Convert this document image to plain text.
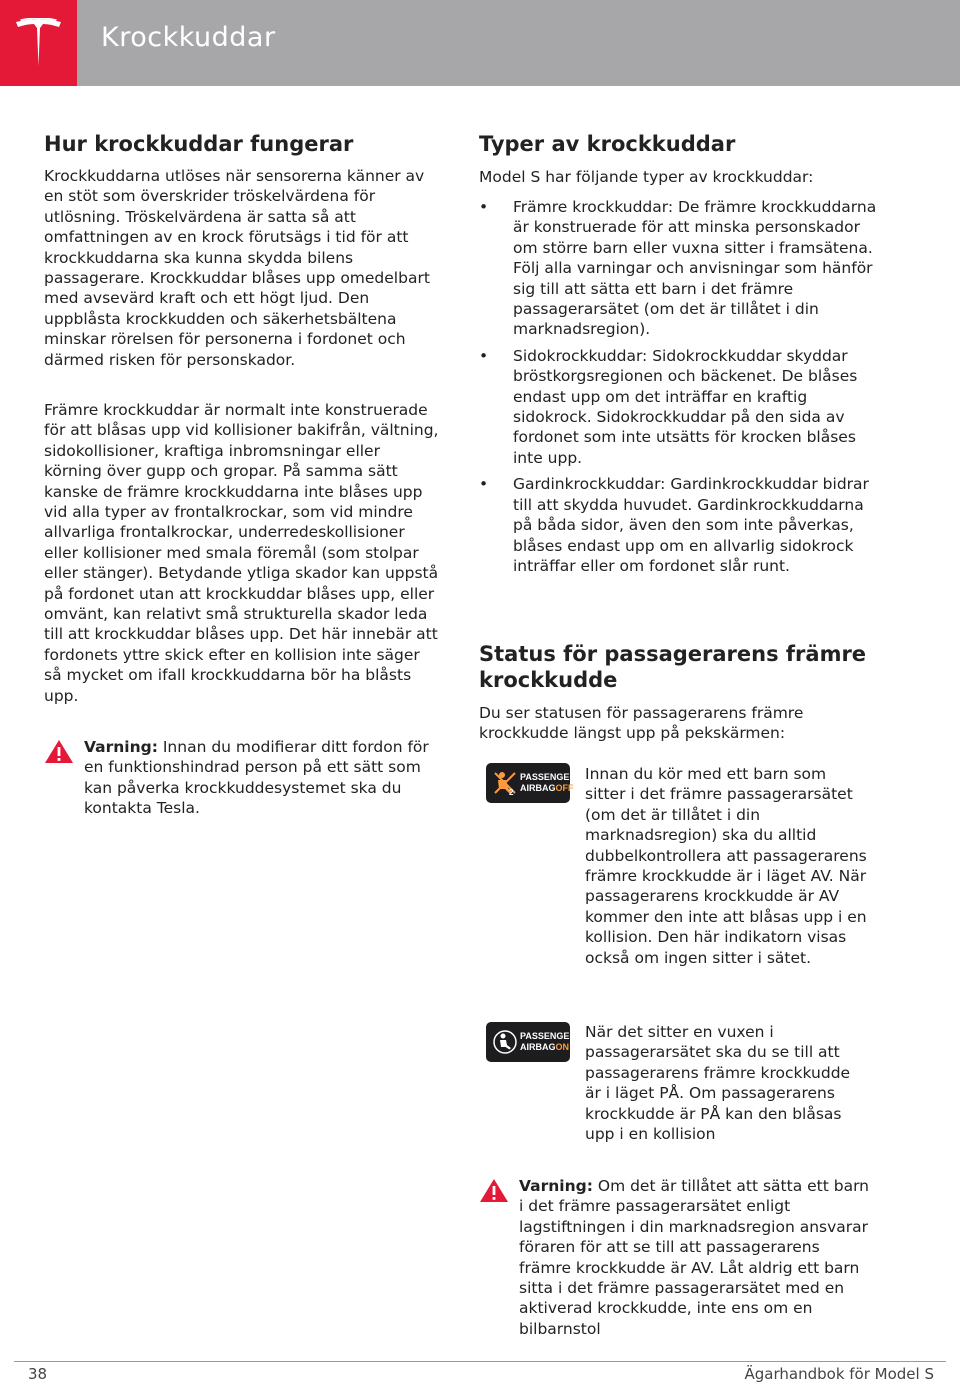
Krockkuddar
Hur krockkuddar fungerar

Krockkuddarna utlöses när sensorerna känner av en stöt som överskrider tröskelvärdena för utlösning. Tröskelvärdena är satta så att omfattningen av en krock förutsägs i tid för att krockkuddarna ska kunna skydda bilens passagerare. Krockkuddar blåses upp omedelbart med avsevärd kraft och ett högt ljud. Den uppblåsta krockkudden och säkerhetsbältena minskar rörelsen för personerna i fordonet och därmed risken för personskador.

Främre krockkuddar är normalt inte konstruerade för att blåsas upp vid kollisioner bakifrån, vältning, sidokollisioner, kraftiga inbromsningar eller körning över gupp och gropar. På samma sätt kanske de främre krockkuddarna inte blåses upp vid alla typer av frontalkrockar, som vid mindre allvarliga frontalkrockar, underredeskollisioner eller kollisioner med smala föremål (som stolpar eller stänger). Betydande ytliga skador kan uppstå på fordonet utan att krockkuddar blåses upp, eller omvänt, kan relativt små strukturella skador leda till att krockkuddar blåses upp. Det här innebär att fordonets yttre skick efter en kollision inte säger så mycket om ifall krockkuddarna bör ha blåsts upp.

Varning: Innan du modifierar ditt fordon för en funktionshindrad person på ett sätt som kan påverka krockkuddesystemet ska du kontakta Tesla.
Typer av krockkuddar

Model S har följande typer av krockkuddar:

• Främre krockkuddar: De främre krockkuddarna är konstruerade för att minska personskador om större barn eller vuxna sitter i framsätena. Följ alla varningar och anvisningar som hänför sig till att sätta ett barn i det främre passagerarsätet (om det är tillåtet i din marknadsregion).
• Sidokrockkuddar: Sidokrockkuddar skyddar bröstkorgsregionen och bäckenet. De blåses endast upp om det inträffar en kraftig sidokrock. Sidokrockkuddar på den sida av fordonet som inte utsätts för krocken blåses inte upp.
• Gardinkrockkuddar: Gardinkrockkuddar bidrar till att skydda huvudet. Gardinkrockkuddarna på båda sidor, även den som inte påverkas, blåses endast upp om en allvarlig sidokrock inträffar eller om fordonet slår runt.
Status för passagerarens främre krockkudde

Du ser statusen för passagerarens främre krockkudde längst upp på pekskärmen:

2
PASSENGER
AIRBAGOFF

Innan du kör med ett barn som sitter i det främre passagerarsätet (om det är tillåtet i din marknadsregion) ska du alltid dubbelkontrollera att passagerarens främre krockkudde är i läget AV. När passagerarens krockkudde är AV kommer den inte att blåsas upp i en kollision. Den här indikatorn visas också om ingen sitter i sätet.

PASSENGER
AIRBAGON

När det sitter en vuxen i passagerarsätet ska du se till att passagerarens främre krockkudde är i läget PÅ. Om passagerarens krockkudde är PÅ kan den blåsas upp i en kollision

Varning: Om det är tillåtet att sätta ett barn i det främre passagerarsätet enligt lagstiftningen i din marknadsregion ansvarar föraren för att se till att passagerarens främre krockkudde är AV. Låt aldrig ett barn sitta i det främre passagerarsätet med en aktiverad krockkudde, inte ens om en bilbarnstol
38	Ägarhandbok för Model S
